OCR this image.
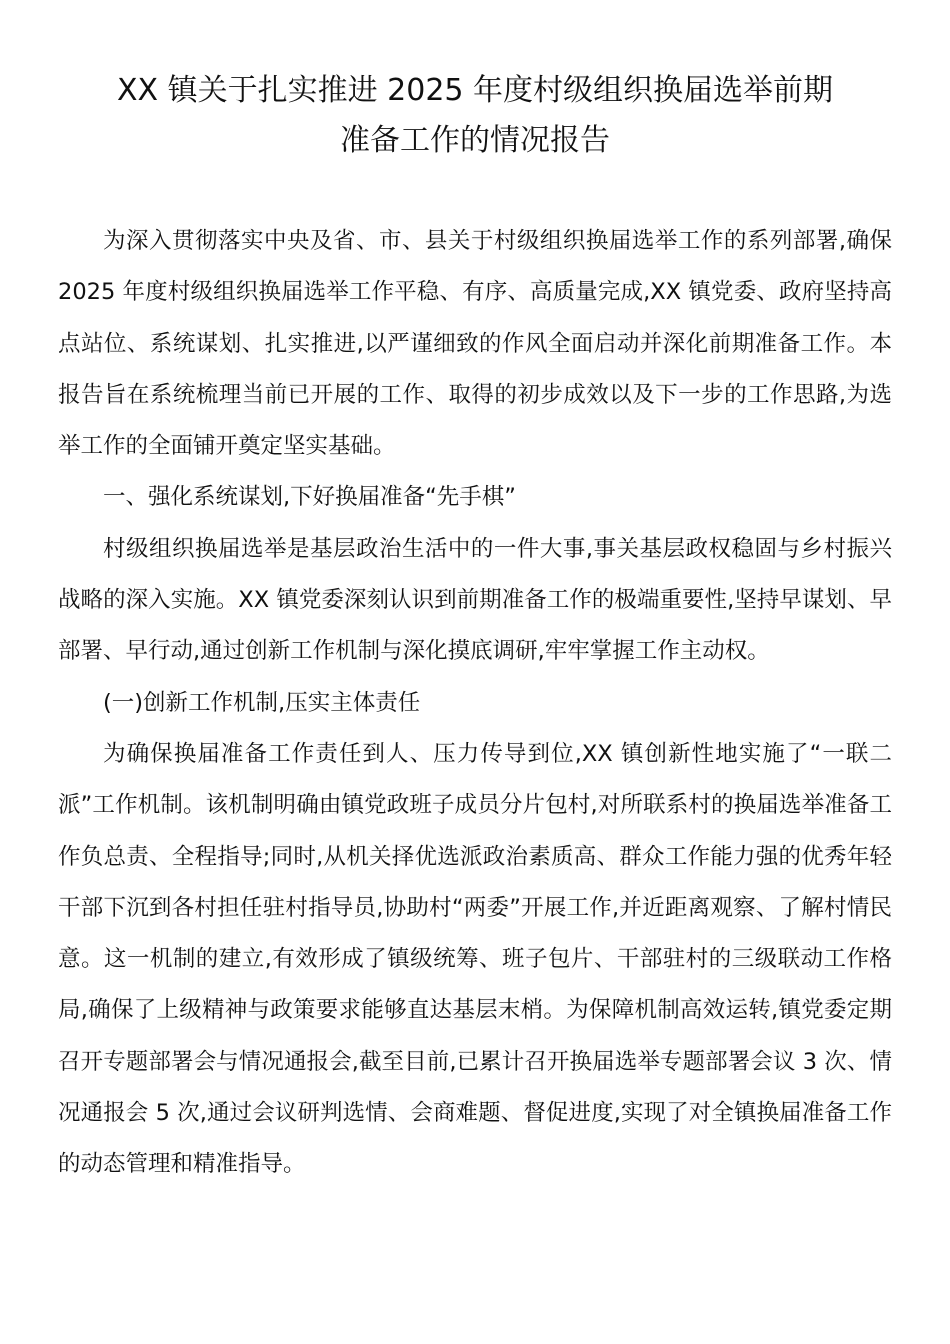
XX 镇关于扎实推进 2025 年度村级组织换届选举前期
准备工作的情况报告

为深入贯彻落实中央及省、市、县关于村级组织换届选举工作的系列部署,确保 2025 年度村级组织换届选举工作平稳、有序、高质量完成,XX 镇党委、政府坚持高点站位、系统谋划、扎实推进,以严谨细致的作风全面启动并深化前期准备工作。本报告旨在系统梳理当前已开展的工作、取得的初步成效以及下一步的工作思路,为选举工作的全面铺开奠定坚实基础。

一、强化系统谋划,下好换届准备“先手棋”

村级组织换届选举是基层政治生活中的一件大事,事关基层政权稳固与乡村振兴战略的深入实施。XX 镇党委深刻认识到前期准备工作的极端重要性,坚持早谋划、早部署、早行动,通过创新工作机制与深化摸底调研,牢牢掌握工作主动权。

(一)创新工作机制,压实主体责任

为确保换届准备工作责任到人、压力传导到位,XX 镇创新性地实施了“一联二派”工作机制。该机制明确由镇党政班子成员分片包村,对所联系村的换届选举准备工作负总责、全程指导;同时,从机关择优选派政治素质高、群众工作能力强的优秀年轻干部下沉到各村担任驻村指导员,协助村“两委”开展工作,并近距离观察、了解村情民意。这一机制的建立,有效形成了镇级统筹、班子包片、干部驻村的三级联动工作格局,确保了上级精神与政策要求能够直达基层末梢。为保障机制高效运转,镇党委定期召开专题部署会与情况通报会,截至目前,已累计召开换届选举专题部署会议 3 次、情况通报会 5 次,通过会议研判选情、会商难题、督促进度,实现了对全镇换届准备工作的动态管理和精准指导。
